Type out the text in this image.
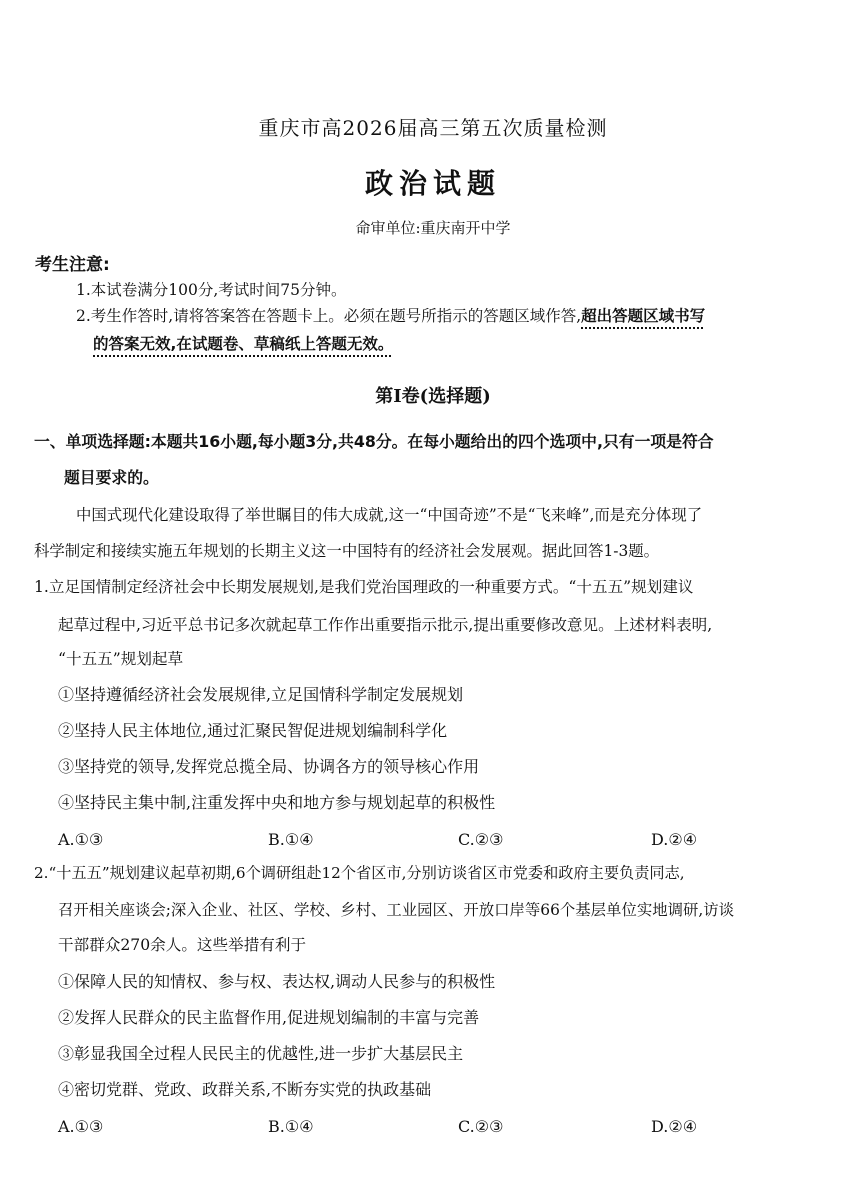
重庆市高2026届高三第五次质量检测
政治试题
命审单位:重庆南开中学
考生注意:
1.本试卷满分100分,考试时间75分钟。
2.考生作答时,请将答案答在答题卡上。必须在题号所指示的答题区域作答,超出答题区域书写
的答案无效,在试题卷、草稿纸上答题无效。
第Ⅰ卷(选择题)
一、单项选择题:本题共16小题,每小题3分,共48分。在每小题给出的四个选项中,只有一项是符合
题目要求的。
中国式现代化建设取得了举世瞩目的伟大成就,这一“中国奇迹”不是“飞来峰”,而是充分体现了
科学制定和接续实施五年规划的长期主义这一中国特有的经济社会发展观。据此回答1-3题。
1.立足国情制定经济社会中长期发展规划,是我们党治国理政的一种重要方式。“十五五”规划建议
起草过程中,习近平总书记多次就起草工作作出重要指示批示,提出重要修改意见。上述材料表明,
“十五五”规划起草
①坚持遵循经济社会发展规律,立足国情科学制定发展规划
②坚持人民主体地位,通过汇聚民智促进规划编制科学化
③坚持党的领导,发挥党总揽全局、协调各方的领导核心作用
④坚持民主集中制,注重发挥中央和地方参与规划起草的积极性
A.①③	B.①④	C.②③	D.②④
2.“十五五”规划建议起草初期,6个调研组赴12个省区市,分别访谈省区市党委和政府主要负责同志,
召开相关座谈会;深入企业、社区、学校、乡村、工业园区、开放口岸等66个基层单位实地调研,访谈
干部群众270余人。这些举措有利于
①保障人民的知情权、参与权、表达权,调动人民参与的积极性
②发挥人民群众的民主监督作用,促进规划编制的丰富与完善
③彰显我国全过程人民民主的优越性,进一步扩大基层民主
④密切党群、党政、政群关系,不断夯实党的执政基础
A.①③	B.①④	C.②③	D.②④
